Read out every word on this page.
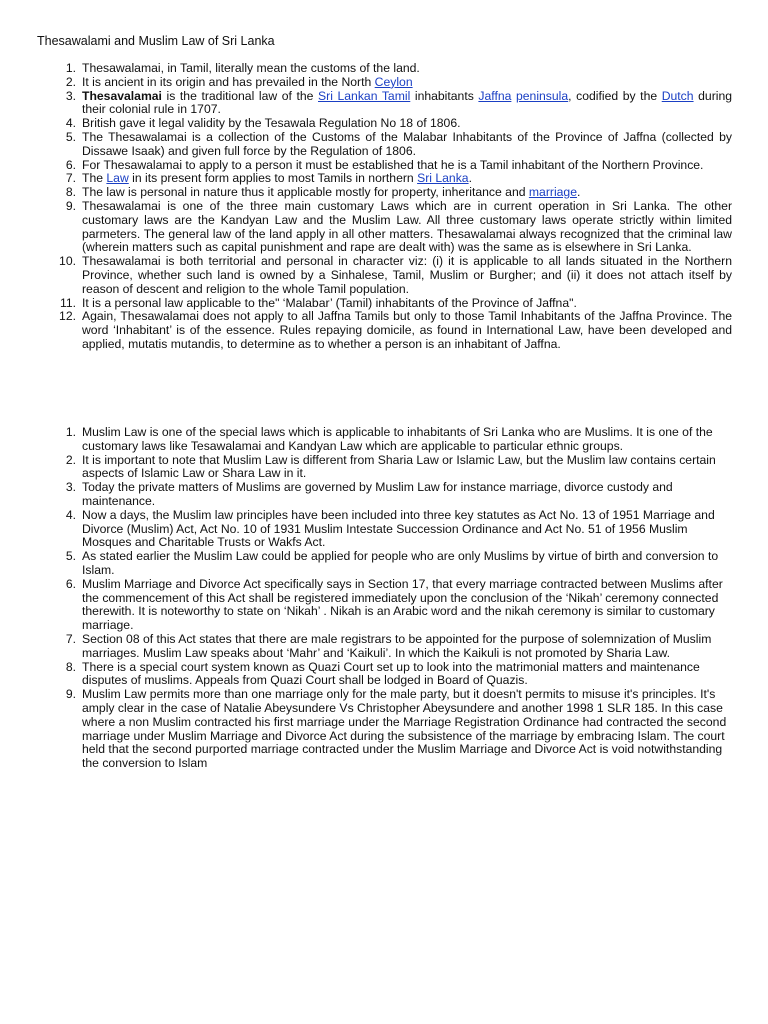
Thesawalami and Muslim Law of Sri Lanka
1. Thesawalamai, in Tamil, literally mean the customs of the land.
2. It is ancient in its origin and has prevailed in the North Ceylon
3. Thesavalamai is the traditional law of the Sri Lankan Tamil inhabitants Jaffna peninsula, codified by the Dutch during their colonial rule in 1707.
4. British gave it legal validity by the Tesawala Regulation No 18 of 1806.
5. The Thesawalamai is a collection of the Customs of the Malabar Inhabitants of the Province of Jaffna (collected by Dissawe Isaak) and given full force by the Regulation of 1806.
6. For Thesawalamai to apply to a person it must be established that he is a Tamil inhabitant of the Northern Province.
7. The Law in its present form applies to most Tamils in northern Sri Lanka.
8. The law is personal in nature thus it applicable mostly for property, inheritance and marriage.
9. Thesawalamai is one of the three main customary Laws which are in current operation in Sri Lanka. The other customary laws are the Kandyan Law and the Muslim Law. All three customary laws operate strictly within limited parmeters. The general law of the land apply in all other matters. Thesawalamai always recognized that the criminal law (wherein matters such as capital punishment and rape are dealt with) was the same as is elsewhere in Sri Lanka.
10. Thesawalamai is both territorial and personal in character viz: (i) it is applicable to all lands situated in the Northern Province, whether such land is owned by a Sinhalese, Tamil, Muslim or Burgher; and (ii) it does not attach itself by reason of descent and religion to the whole Tamil population.
11. It is a personal law applicable to the" ‘Malabar’ (Tamil) inhabitants of the Province of Jaffna".
12. Again, Thesawalamai does not apply to all Jaffna Tamils but only to those Tamil Inhabitants of the Jaffna Province. The word ‘Inhabitant’ is of the essence. Rules repaying domicile, as found in International Law, have been developed and applied, mutatis mutandis, to determine as to whether a person is an inhabitant of Jaffna.
1. Muslim Law is one of the special laws which is applicable to inhabitants of Sri Lanka who are Muslims. It is one of the customary laws like Tesawalamai and Kandyan Law which are applicable to particular ethnic groups.
2. It is important to note that Muslim Law is different from Sharia Law or Islamic Law, but the Muslim law contains certain aspects of Islamic Law or Shara Law in it.
3. Today the private matters of Muslims are governed by Muslim Law for instance marriage, divorce custody and maintenance.
4. Now a days, the Muslim law principles have been included into three key statutes as Act No. 13 of 1951 Marriage and Divorce (Muslim) Act, Act No. 10 of 1931 Muslim Intestate Succession Ordinance and Act No. 51 of 1956 Muslim Mosques and Charitable Trusts or Wakfs Act.
5. As stated earlier the Muslim Law could be applied for people who are only Muslims by virtue of birth and conversion to Islam.
6. Muslim Marriage and Divorce Act specifically says in Section 17, that every marriage contracted between Muslims after the commencement of this Act shall be registered immediately upon the conclusion of the ‘Nikah’ ceremony connected therewith. It is noteworthy to state on ‘Nikah’ . Nikah is an Arabic word and the nikah ceremony is similar to customary marriage.
7. Section 08 of this Act states that there are male registrars to be appointed for the purpose of solemnization of Muslim marriages. Muslim Law speaks about ‘Mahr’ and ‘Kaikuli’. In which the Kaikuli is not promoted by Sharia Law.
8. There is a special court system known as Quazi Court set up to look into the matrimonial matters and maintenance disputes of muslims. Appeals from Quazi Court shall be lodged in Board of Quazis.
9. Muslim Law permits more than one marriage only for the male party, but it doesn't permits to misuse it's principles. It's amply clear in the case of Natalie Abeysundere Vs Christopher Abeysundere and another 1998 1 SLR 185. In this case where a non Muslim contracted his first marriage under the Marriage Registration Ordinance had contracted the second marriage under Muslim Marriage and Divorce Act during the subsistence of the marriage by embracing Islam. The court held that the second purported marriage contracted under the Muslim Marriage and Divorce Act is void notwithstanding the conversion to Islam
